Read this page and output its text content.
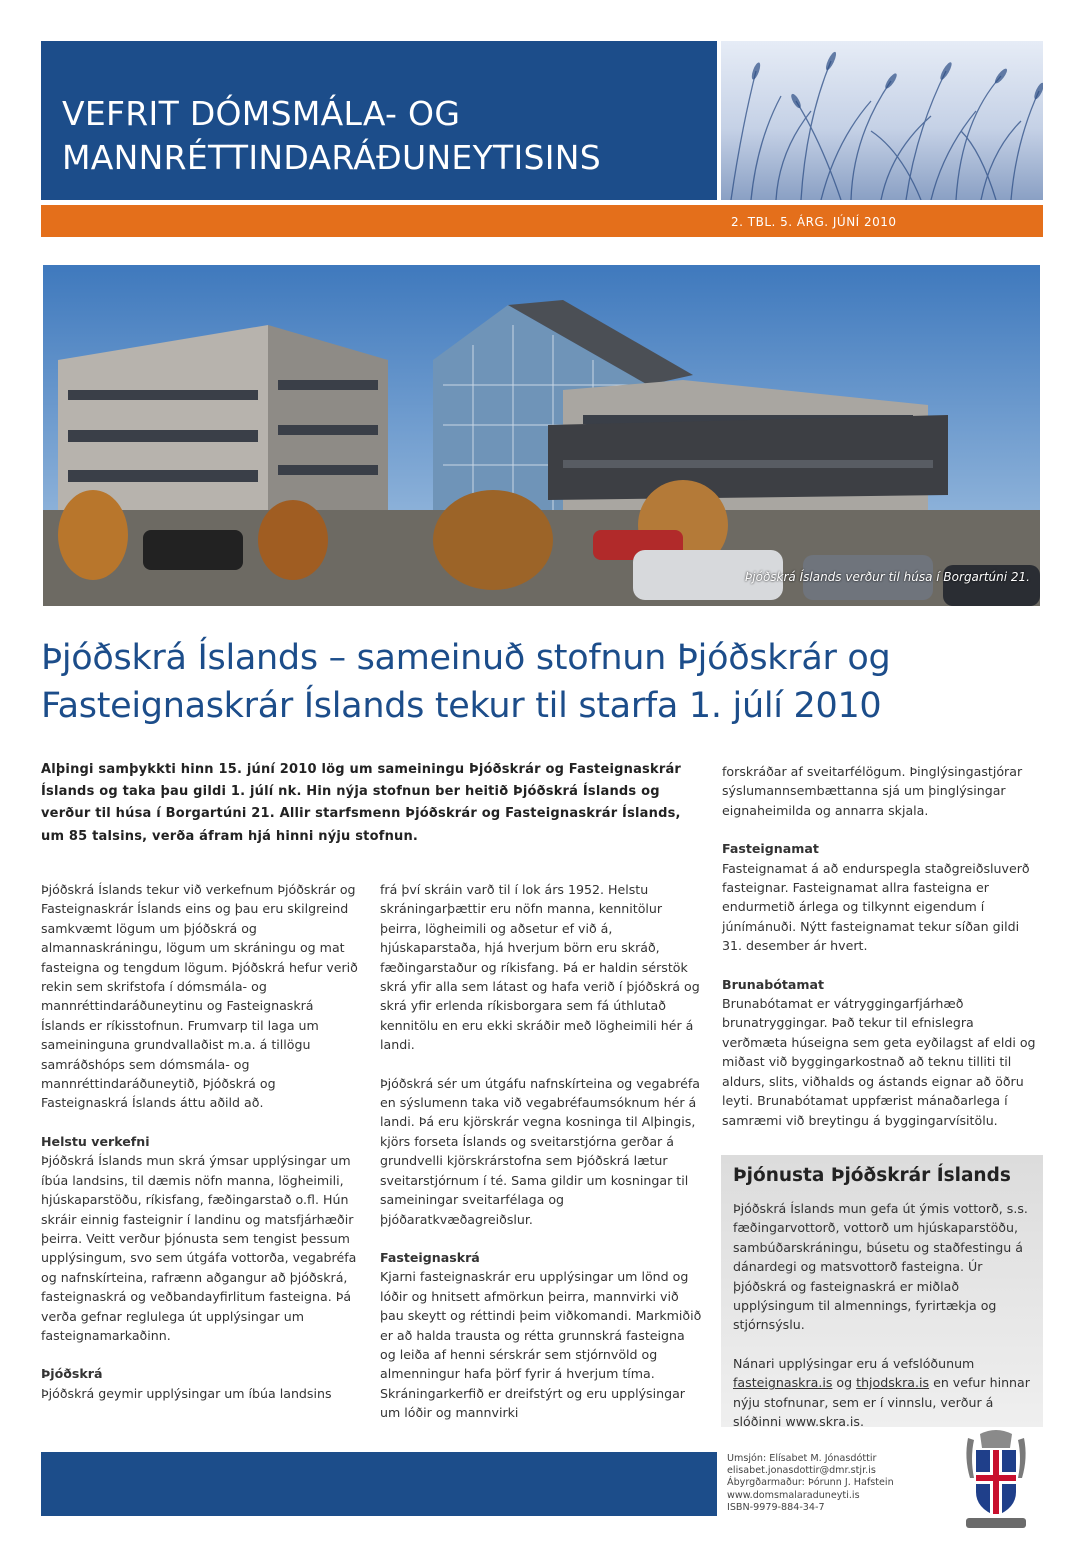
VEFRIT DÓMSMÁLA- OG
MANNRÉTTINDARÁÐUNEYTISINS
2. TBL. 5. ÁRG. JÚNÍ 2010
Þjóðskrá Íslands verður til húsa í Borgartúni 21.
Þjóðskrá Íslands – sameinuð stofnun Þjóðskrár og
Fasteignaskrár Íslands tekur til starfa 1. júlí 2010
Alþingi samþykkti hinn 15. júní 2010 lög um sameiningu Þjóðskrár og Fasteignaskrár Íslands og taka þau gildi 1. júlí nk. Hin nýja stofnun ber heitið Þjóðskrá Íslands og verður til húsa í Borgartúni 21. Allir starfsmenn Þjóðskrár og Fasteignaskrár Íslands, um 85 talsins, verða áfram hjá hinni nýju stofnun.

Þjóðskrá Íslands tekur við verkefnum Þjóðskrár og Fasteignaskrár Íslands eins og þau eru skilgreind samkvæmt lögum um þjóðskrá og almannaskráningu, lögum um skráningu og mat fasteigna og tengdum lögum. Þjóðskrá hefur verið rekin sem skrifstofa í dómsmála- og mannréttindaráðuneytinu og Fasteignaskrá Íslands er ríkisstofnun. Frumvarp til laga um sameininguna grundvallaðist m.a. á tillögu samráðshóps sem dómsmála- og mannréttindaráðuneytið, Þjóðskrá og Fasteignaskrá Íslands áttu aðild að.

Helstu verkefni

Þjóðskrá Íslands mun skrá ýmsar upplýsingar um íbúa landsins, til dæmis nöfn manna, lögheimili, hjúskaparstöðu, ríkisfang, fæðingarstað o.fl. Hún skráir einnig fasteignir í landinu og matsfjárhæðir þeirra. Veitt verður þjónusta sem tengist þessum upplýsingum, svo sem útgáfa vottorða, vegabréfa og nafnskírteina, rafrænn aðgangur að þjóðskrá, fasteignaskrá og veðbandayfirlitum fasteigna. Þá verða gefnar reglulega út upplýsingar um fasteignamarkaðinn.

Þjóðskrá

Þjóðskrá geymir upplýsingar um íbúa landsins

frá því skráin varð til í lok árs 1952. Helstu skráningarþættir eru nöfn manna, kennitölur þeirra, lögheimili og aðsetur ef við á, hjúskaparstaða, hjá hverjum börn eru skráð, fæðingarstaður og ríkisfang. Þá er haldin sérstök skrá yfir alla sem látast og hafa verið í þjóðskrá og skrá yfir erlenda ríkisborgara sem fá úthlutað kennitölu en eru ekki skráðir með lögheimili hér á landi.

Þjóðskrá sér um útgáfu nafnskírteina og vegabréfa en sýslumenn taka við vegabréfaumsóknum hér á landi. Þá eru kjörskrár vegna kosninga til Alþingis, kjörs forseta Íslands og sveitarstjórna gerðar á grundvelli kjörskrárstofna sem Þjóðskrá lætur sveitarstjórnum í té. Sama gildir um kosningar til sameiningar sveitarfélaga og þjóðaratkvæðagreiðslur.

Fasteignaskrá

Kjarni fasteignaskrár eru upplýsingar um lönd og lóðir og hnitsett afmörkun þeirra, mannvirki við þau skeytt og réttindi þeim viðkomandi. Markmiðið er að halda trausta og rétta grunnskrá fasteigna og leiða af henni sérskrár sem stjórnvöld og almenningur hafa þörf fyrir á hverjum tíma. Skráningarkerfið er dreifstýrt og eru upplýsingar um lóðir og mannvirki

forskráðar af sveitarfélögum. Þinglýsingastjórar sýslumannsembættanna sjá um þinglýsingar eignaheimilda og annarra skjala.

Fasteignamat

Fasteignamat á að endurspegla staðgreiðsluverð fasteignar. Fasteignamat allra fasteigna er endurmetið árlega og tilkynnt eigendum í júnímánuði. Nýtt fasteignamat tekur síðan gildi 31. desember ár hvert.

Brunabótamat

Brunabótamat er vátryggingarfjárhæð brunatryggingar. Það tekur til efnislegra verðmæta húseigna sem geta eyðilagst af eldi og miðast við byggingarkostnað að teknu tilliti til aldurs, slits, viðhalds og ástands eignar að öðru leyti. Brunabótamat uppfærist mánaðarlega í samræmi við breytingu á byggingarvísitölu.

Þjónusta Þjóðskrár Íslands

Þjóðskrá Íslands mun gefa út ýmis vottorð, s.s. fæðingarvottorð, vottorð um hjúskaparstöðu, sambúðarskráningu, búsetu og staðfestingu á dánardegi og matsvottorð fasteigna. Úr þjóðskrá og fasteignaskrá er miðlað upplýsingum til almennings, fyrirtækja og stjórnsýslu.

Nánari upplýsingar eru á vefslóðunum
fasteignaskra.is og thjodskra.is en vefur hinnar nýju stofnunar, sem er í vinnslu, verður á slóðinni www.skra.is.

Umsjón: Elísabet M. Jónasdóttir
elisabet.jonasdottir@dmr.stjr.is
Ábyrgðarmaður: Þórunn J. Hafstein
www.domsmalaraduneyti.is
ISBN-9979-884-34-7
